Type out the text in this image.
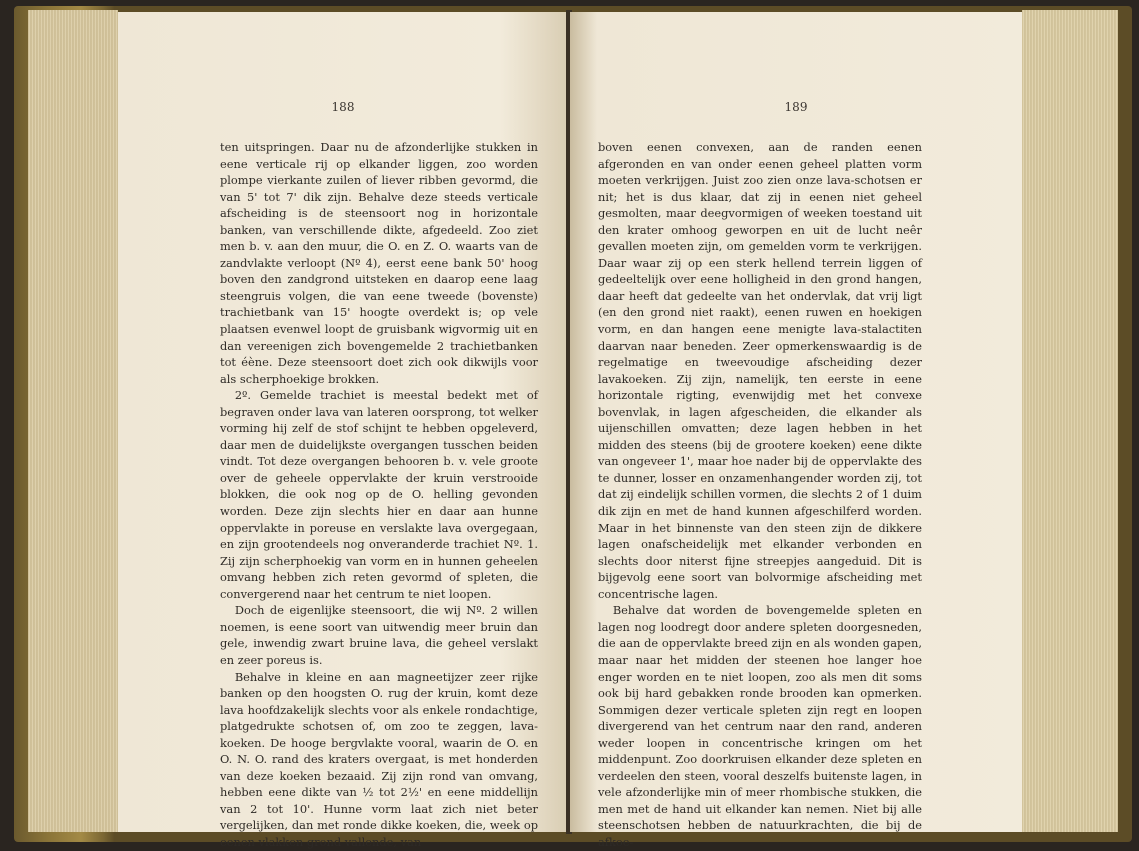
188

ten uitspringen. Daar nu de afzonderlijke stukken in eene verticale rij op elkander liggen, zoo worden plompe vierkante zuilen of liever ribben gevormd, die van 5' tot 7' dik zijn. Behalve deze steeds verticale afscheiding is de steensoort nog in horizontale banken, van verschillende dikte, afgedeeld. Zoo ziet men b. v. aan den muur, die O. en Z. O. waarts van de zandvlakte verloopt (Nº 4), eerst eene bank 50' hoog boven den zandgrond uitsteken en daarop eene laag steengruis volgen, die van eene tweede (bovenste) trachietbank van 15' hoogte overdekt is; op vele plaatsen evenwel loopt de gruisbank wigvormig uit en dan vereenigen zich bovengemelde 2 trachietbanken tot éène. Deze steensoort doet zich ook dikwijls voor als scherphoekige brokken.

2º. Gemelde trachiet is meestal bedekt met of begraven onder lava van lateren oorsprong, tot welker vorming hij zelf de stof schijnt te hebben opgeleverd, daar men de duidelijkste overgangen tusschen beiden vindt. Tot deze overgangen behooren b. v. vele groote over de geheele oppervlakte der kruin verstrooide blokken, die ook nog op de O. helling gevonden worden. Deze zijn slechts hier en daar aan hunne oppervlakte in poreuse en verslakte lava overgegaan, en zijn grootendeels nog onveranderde trachiet Nº. 1. Zij zijn scherphoekig van vorm en in hunnen geheelen omvang hebben zich reten gevormd of spleten, die convergerend naar het centrum te niet loopen.

Doch de eigenlijke steensoort, die wij Nº. 2 willen noemen, is eene soort van uitwendig meer bruin dan gele, inwendig zwart bruine lava, die geheel verslakt en zeer poreus is.

Behalve in kleine en aan magneetijzer zeer rijke banken op den hoogsten O. rug der kruin, komt deze lava hoofdzakelijk slechts voor als enkele rondachtige, platgedrukte schotsen of, om zoo te zeggen, lava-koeken. De hooge bergvlakte vooral, waarin de O. en O. N. O. rand des kraters overgaat, is met honderden van deze koeken bezaaid. Zij zijn rond van omvang, hebben eene dikte van ½ tot 2½' en eene middellijn van 2 tot 10'. Hunne vorm laat zich niet beter vergelijken, dan met ronde dikke koeken, die, week op eenen vlakken grond vallende, van

189

boven eenen convexen, aan de randen eenen afgeronden en van onder eenen geheel platten vorm moeten verkrijgen. Juist zoo zien onze lava-schotsen er nit; het is dus klaar, dat zij in eenen niet geheel gesmolten, maar deegvormigen of weeken toestand uit den krater omhoog geworpen en uit de lucht neêr gevallen moeten zijn, om gemelden vorm te verkrijgen. Daar waar zij op een sterk hellend terrein liggen of gedeeltelijk over eene holligheid in den grond hangen, daar heeft dat gedeelte van het ondervlak, dat vrij ligt (en den grond niet raakt), eenen ruwen en hoekigen vorm, en dan hangen eene menigte lava-stalactiten daarvan naar beneden. Zeer opmerkenswaardig is de regelmatige en tweevoudige afscheiding dezer lavakoeken. Zij zijn, namelijk, ten eerste in eene horizontale rigting, evenwijdig met het convexe bovenvlak, in lagen afgescheiden, die elkander als uijenschillen omvatten; deze lagen hebben in het midden des steens (bij de grootere koeken) eene dikte van ongeveer 1', maar hoe nader bij de oppervlakte des te dunner, losser en onzamenhangender worden zij, tot dat zij eindelijk schillen vormen, die slechts 2 of 1 duim dik zijn en met de hand kunnen afgeschilferd worden. Maar in het binnenste van den steen zijn de dikkere lagen onafscheidelijk met elkander verbonden en slechts door niterst fijne streepjes aangeduid. Dit is bijgevolg eene soort van bolvormige afscheiding met concentrische lagen.

Behalve dat worden de bovengemelde spleten en lagen nog loodregt door andere spleten doorgesneden, die aan de oppervlakte breed zijn en als wonden gapen, maar naar het midden der steenen hoe langer hoe enger worden en te niet loopen, zoo als men dit soms ook bij hard gebakken ronde brooden kan opmerken. Sommigen dezer verticale spleten zijn regt en loopen divergerend van het centrum naar den rand, anderen weder loopen in concentrische kringen om het middenpunt. Zoo doorkruisen elkander deze spleten en verdeelen den steen, vooral deszelfs buitenste lagen, in vele afzonderlijke min of meer rhombische stukken, die men met de hand uit elkander kan nemen. Niet bij alle steenschotsen hebben de natuurkrachten, die bij de afkoe-
